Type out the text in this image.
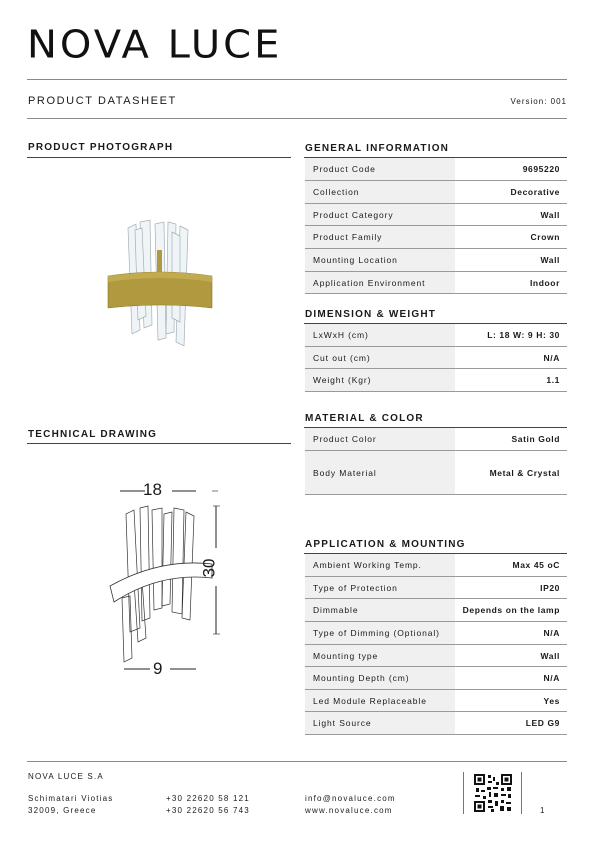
NOVA LUCE
PRODUCT DATASHEET	Version: 001
PRODUCT PHOTOGRAPH
TECHNICAL DRAWING
18
30
9
GENERAL INFORMATION
Product Code	9695220
Collection	Decorative
Product Category	Wall
Product Family	Crown
Mounting Location	Wall
Application Environment	Indoor
DIMENSION & WEIGHT
LxWxH (cm)	L: 18 W: 9 H: 30
Cut out (cm)	N/A
Weight (Kgr)	1.1
MATERIAL & COLOR
Product Color	Satin Gold
Body Material	Metal & Crystal
APPLICATION & MOUNTING
Ambient Working Temp.	Max 45 oC
Type of Protection	IP20
Dimmable	Depends on the lamp
Type of Dimming (Optional)	N/A
Mounting type	Wall
Mounting Depth (cm)	N/A
Led Module Replaceable	Yes
Light Source	LED G9
NOVA LUCE S.A
Schimatari Viotias
32009, Greece
+30 22620 58 121
+30 22620 56 743
info@novaluce.com
www.novaluce.com	1
